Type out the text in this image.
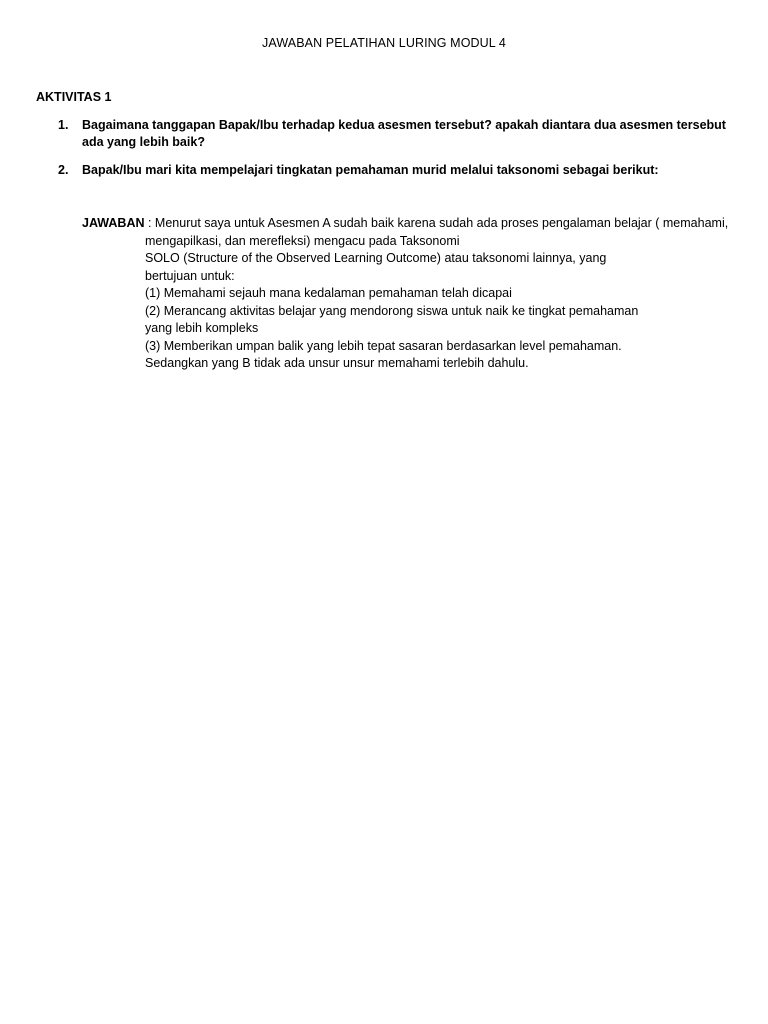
JAWABAN PELATIHAN LURING MODUL 4
AKTIVITAS 1
1.	Bagaimana tanggapan Bapak/Ibu terhadap kedua asesmen tersebut? apakah diantara dua asesmen tersebut
ada yang lebih baik?
2.	Bapak/Ibu mari kita mempelajari tingkatan pemahaman murid melalui taksonomi sebagai berikut:
JAWABAN : Menurut saya untuk Asesmen A sudah baik karena sudah ada proses pengalaman belajar ( memahami,
mengapilkasi, dan merefleksi) mengacu pada Taksonomi
SOLO (Structure of the Observed Learning Outcome) atau taksonomi lainnya, yang
bertujuan untuk:
(1) Memahami sejauh mana kedalaman pemahaman telah dicapai
(2) Merancang aktivitas belajar yang mendorong siswa untuk naik ke tingkat pemahaman
yang lebih kompleks
(3) Memberikan umpan balik yang lebih tepat sasaran berdasarkan level pemahaman.
Sedangkan yang B tidak ada unsur unsur memahami terlebih dahulu.
